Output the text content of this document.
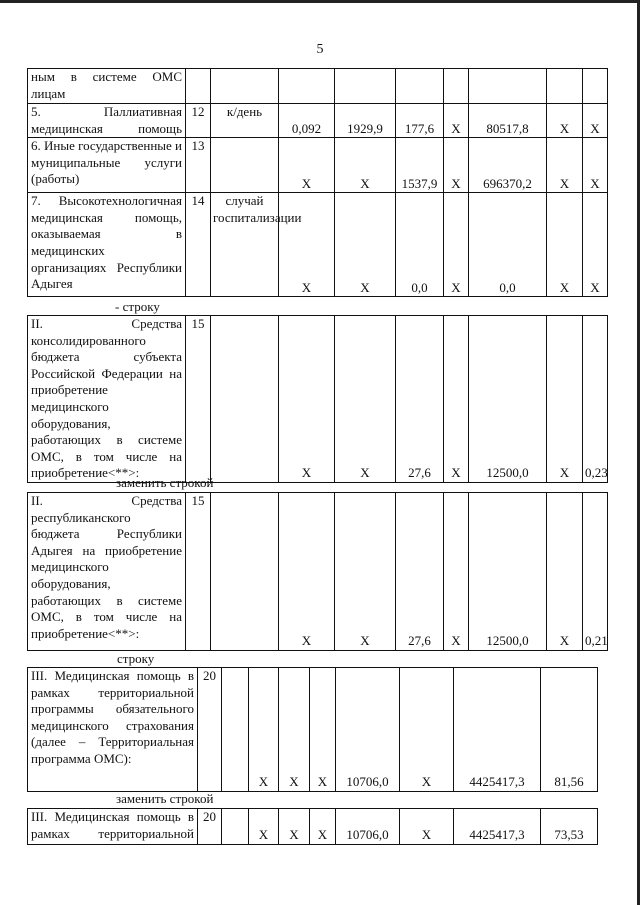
5
ным в системе ОМС лицам									
5. Паллиативная медицинская помощь	12	к/день	0,092	1929,9	177,6	Х	80517,8	Х	Х
6. Иные государственные и муниципальные услуги (работы)	13		Х	Х	1537,9	Х	696370,2	Х	Х
7. Высокотехнологичная медицинская помощь, оказываемая в медицинских организациях Республики Адыгея	14	случай госпитализации	Х	Х	0,0	Х	0,0	Х	Х
- строку
II. Средства консолидированного бюджета субъекта Российской Федерации на приобретение медицинского оборудования, работающих в системе ОМС, в том числе на приобретение<**>:	15		Х	Х	27,6	Х	12500,0	Х	0,23
заменить строкой
II. Средства республиканского бюджета Республики Адыгея на приобретение медицинского оборудования, работающих в системе ОМС, в том числе на приобретение<**>:	15		Х	Х	27,6	Х	12500,0	Х	0,21
строку
III. Медицинская помощь в рамках территориальной программы обязательного медицинского страхования (далее – Территориальная программа ОМС):	20		Х	Х	Х	10706,0	Х	4425417,3	81,56
заменить строкой
III. Медицинская помощь в рамках территориальной	20		Х	Х	Х	10706,0	Х	4425417,3	73,53
